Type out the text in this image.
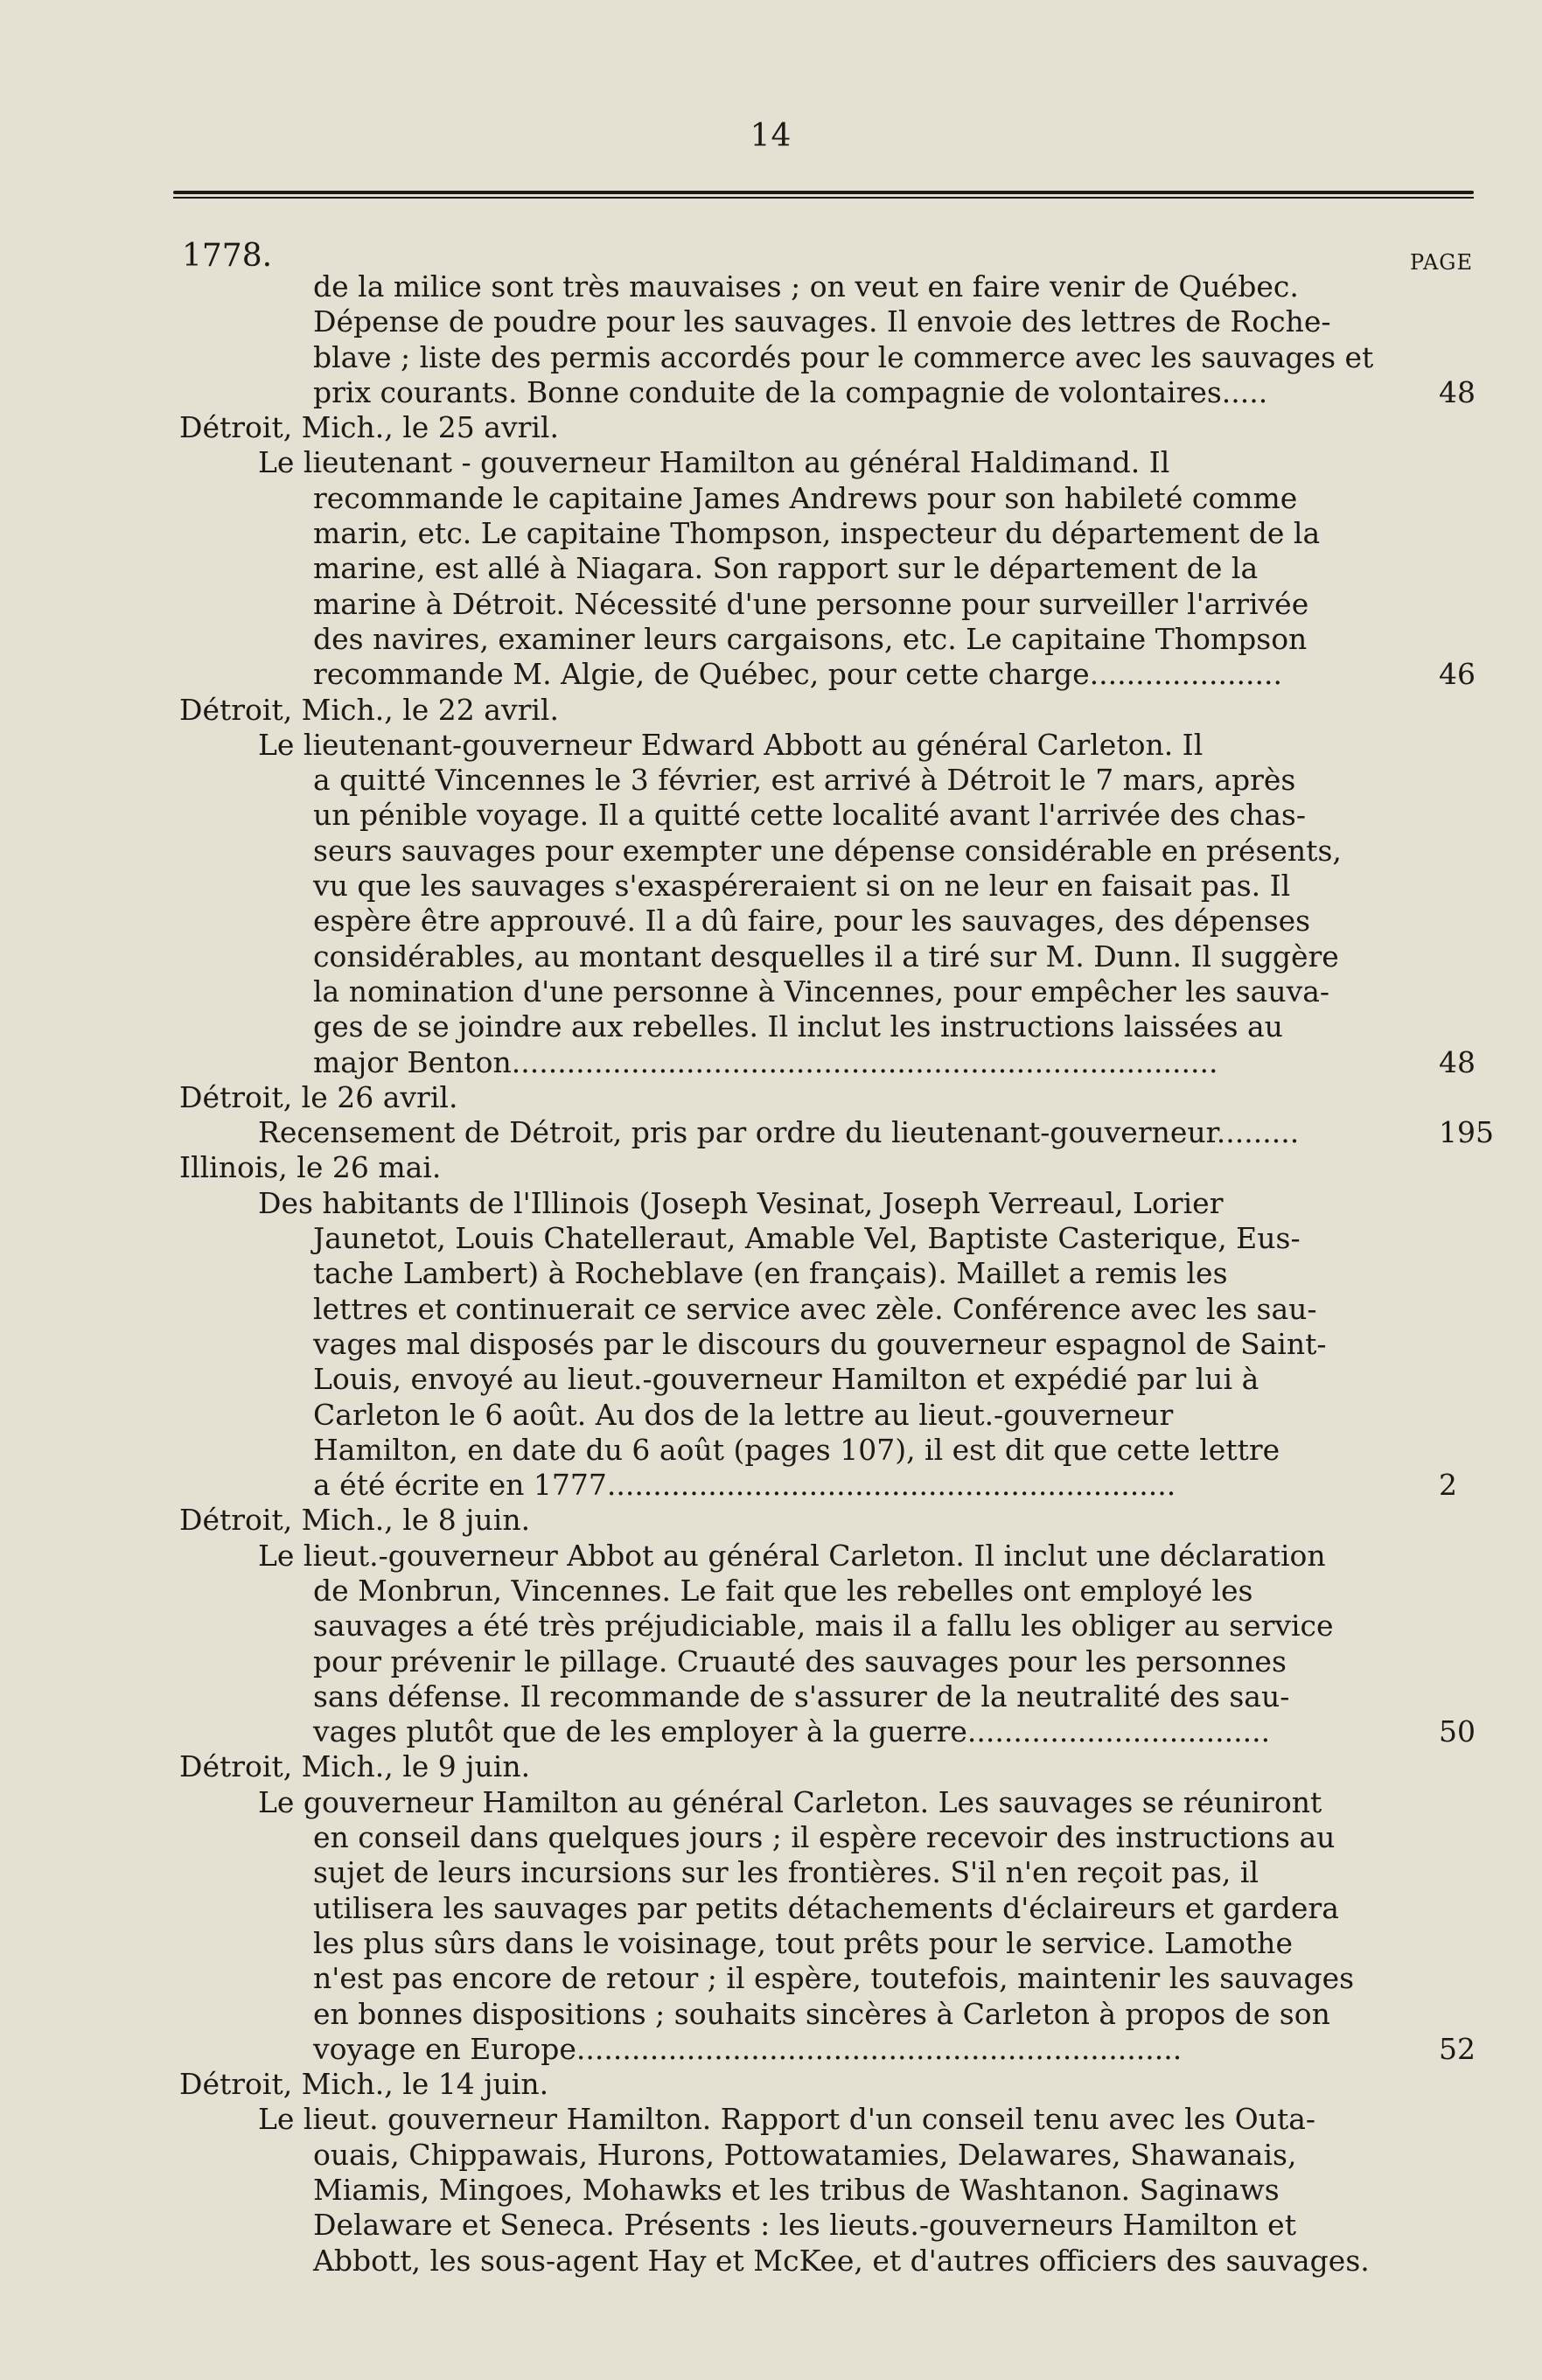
14
1778.	PAGE
de la milice sont très mauvaises ; on veut en faire venir de Québec.
Dépense de poudre pour les sauvages. Il envoie des lettres de Roche-
blave ; liste des permis accordés pour le commerce avec les sauvages et
prix courants. Bonne conduite de la compagnie de volontaires.....	48
Détroit, Mich., le 25 avril.
Le lieutenant - gouverneur Hamilton au général Haldimand. Il
recommande le capitaine James Andrews pour son habileté comme
marin, etc. Le capitaine Thompson, inspecteur du département de la
marine, est allé à Niagara. Son rapport sur le département de la
marine à Détroit. Nécessité d'une personne pour surveiller l'arrivée
des navires, examiner leurs cargaisons, etc. Le capitaine Thompson
recommande M. Algie, de Québec, pour cette charge.....................	46
Détroit, Mich., le 22 avril.
Le lieutenant-gouverneur Edward Abbott au général Carleton. Il
a quitté Vincennes le 3 février, est arrivé à Détroit le 7 mars, après
un pénible voyage. Il a quitté cette localité avant l'arrivée des chas-
seurs sauvages pour exempter une dépense considérable en présents,
vu que les sauvages s'exaspéreraient si on ne leur en faisait pas. Il
espère être approuvé. Il a dû faire, pour les sauvages, des dépenses
considérables, au montant desquelles il a tiré sur M. Dunn. Il suggère
la nomination d'une personne à Vincennes, pour empêcher les sauva-
ges de se joindre aux rebelles. Il inclut les instructions laissées au
major Benton.............................................................................	48
Détroit, le 26 avril.
Recensement de Détroit, pris par ordre du lieutenant-gouverneur.........	195
Illinois, le 26 mai.
Des habitants de l'Illinois (Joseph Vesinat, Joseph Verreaul, Lorier
Jaunetot, Louis Chatelleraut, Amable Vel, Baptiste Casterique, Eus-
tache Lambert) à Rocheblave (en français). Maillet a remis les
lettres et continuerait ce service avec zèle. Conférence avec les sau-
vages mal disposés par le discours du gouverneur espagnol de Saint-
Louis, envoyé au lieut.-gouverneur Hamilton et expédié par lui à
Carleton le 6 août. Au dos de la lettre au lieut.-gouverneur
Hamilton, en date du 6 août (pages 107), il est dit que cette lettre
a été écrite en 1777..............................................................	2
Détroit, Mich., le 8 juin.
Le lieut.-gouverneur Abbot au général Carleton. Il inclut une déclaration
de Monbrun, Vincennes. Le fait que les rebelles ont employé les
sauvages a été très préjudiciable, mais il a fallu les obliger au service
pour prévenir le pillage. Cruauté des sauvages pour les personnes
sans défense. Il recommande de s'assurer de la neutralité des sau-
vages plutôt que de les employer à la guerre.................................	50
Détroit, Mich., le 9 juin.
Le gouverneur Hamilton au général Carleton. Les sauvages se réuniront
en conseil dans quelques jours ; il espère recevoir des instructions au
sujet de leurs incursions sur les frontières. S'il n'en reçoit pas, il
utilisera les sauvages par petits détachements d'éclaireurs et gardera
les plus sûrs dans le voisinage, tout prêts pour le service. Lamothe
n'est pas encore de retour ; il espère, toutefois, maintenir les sauvages
en bonnes dispositions ; souhaits sincères à Carleton à propos de son
voyage en Europe..................................................................	52
Détroit, Mich., le 14 juin.
Le lieut. gouverneur Hamilton. Rapport d'un conseil tenu avec les Outa-
ouais, Chippawais, Hurons, Pottowatamies, Delawares, Shawanais,
Miamis, Mingoes, Mohawks et les tribus de Washtanon. Saginaws
Delaware et Seneca. Présents : les lieuts.-gouverneurs Hamilton et
Abbott, les sous-agent Hay et McKee, et d'autres officiers des sauvages.
